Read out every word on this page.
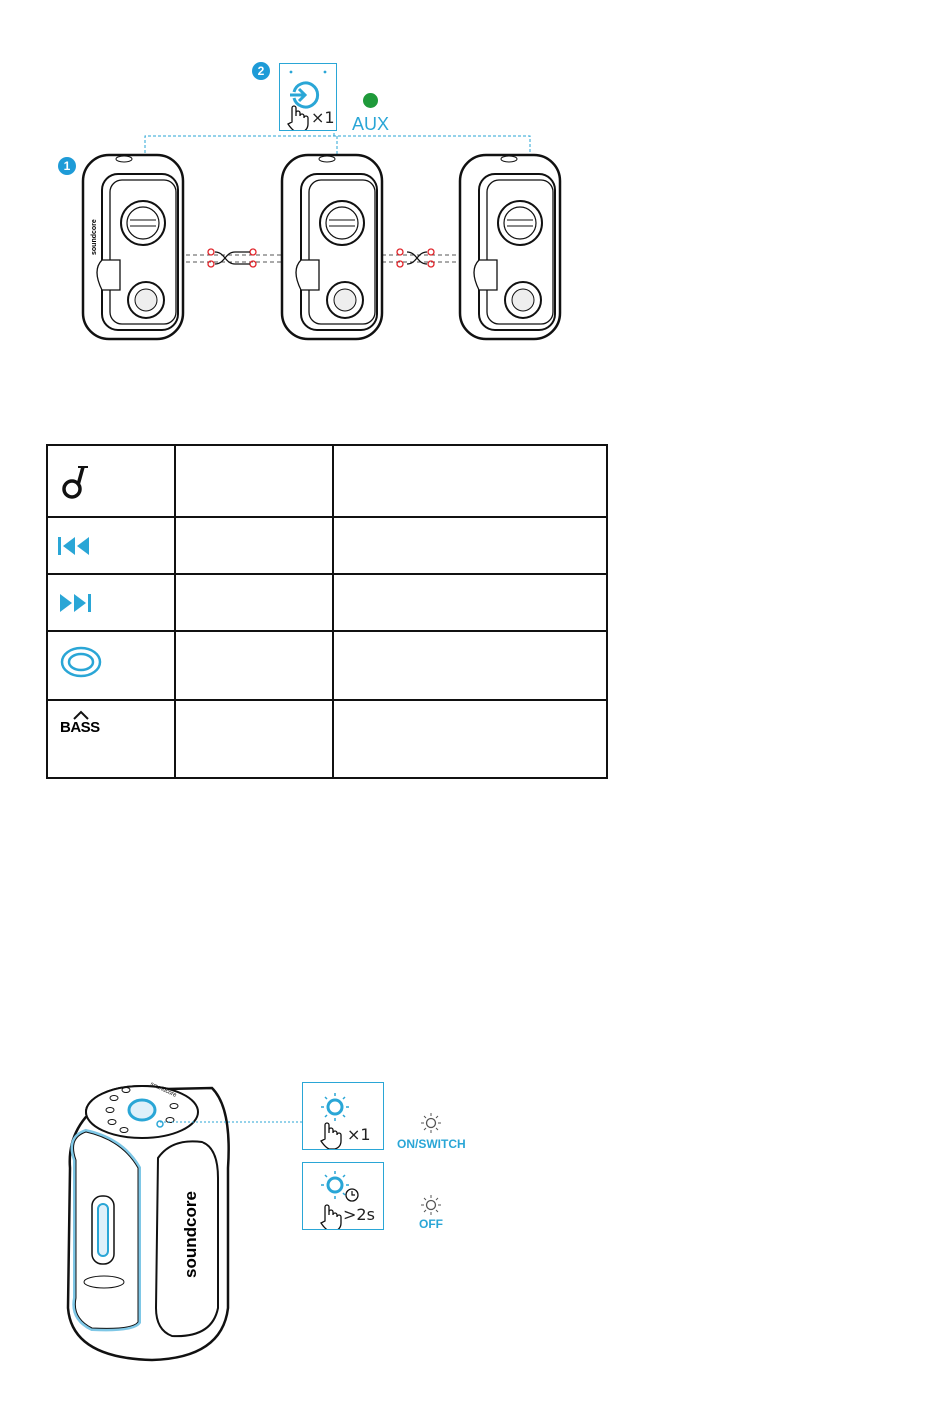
2
1
×1 AUX
soundcore

BASS		

soundcore
soundcore
×1 ON/SWITCH
>2s	OFF
